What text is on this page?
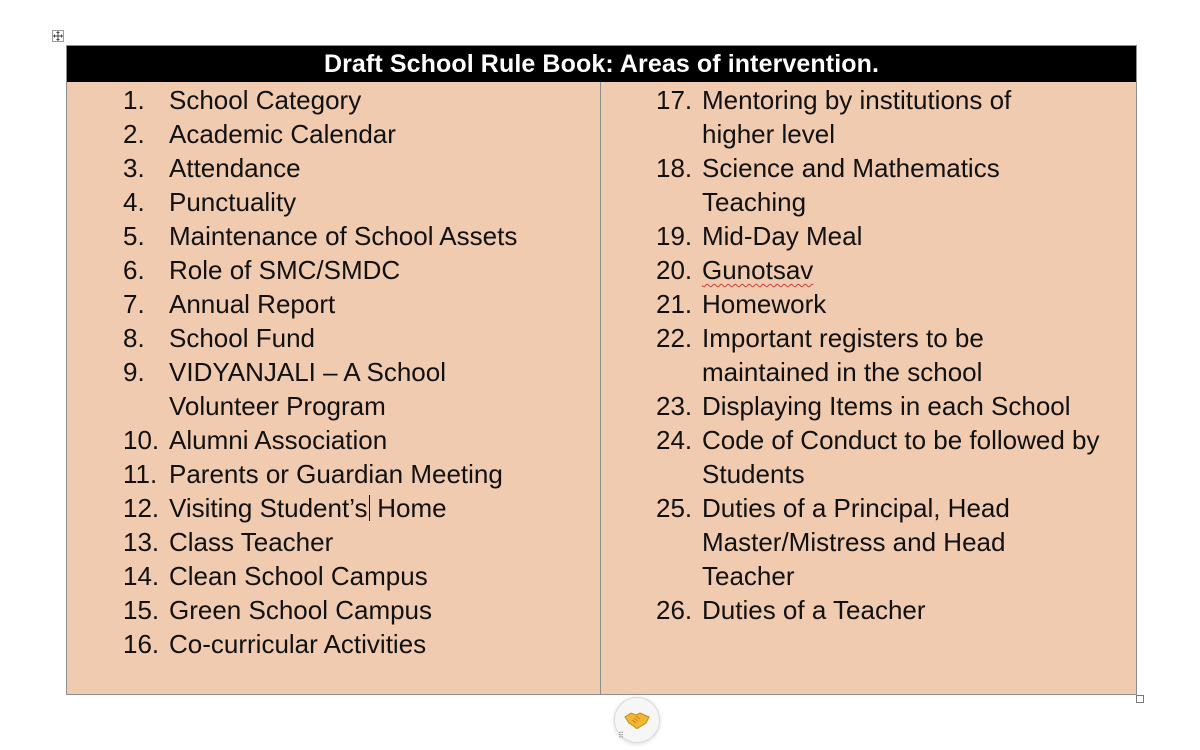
Draft School Rule Book: Areas of intervention.
1. School Category
2. Academic Calendar
3. Attendance
4. Punctuality
5. Maintenance of School Assets
6. Role of SMC/SMDC
7. Annual Report
8. School Fund
9. VIDYANJALI – A School Volunteer Program
10. Alumni Association
11. Parents or Guardian Meeting
12. Visiting Student’s Home
13. Class Teacher
14. Clean School Campus
15. Green School Campus
16. Co-curricular Activities
17. Mentoring by institutions of higher level
18. Science and Mathematics Teaching
19. Mid-Day Meal
20. Gunotsav
21. Homework
22. Important registers to be maintained in the school
23. Displaying Items in each School
24. Code of Conduct to be followed by Students
25. Duties of a Principal, Head Master/Mistress and Head Teacher
26. Duties of a Teacher
⠿
